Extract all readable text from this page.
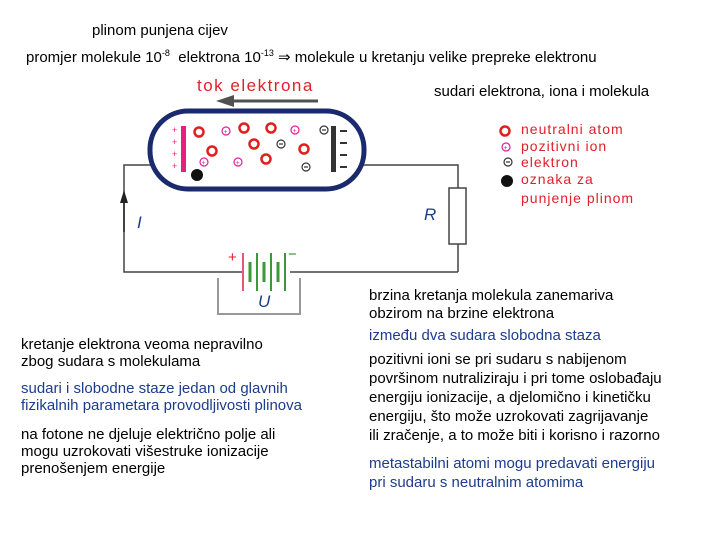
plinom punjena cijev
promjer molekule $10^{-8}$ elektrona $10^{-13}$ ⇒ molekule u kretanju velike prepreke elektronu
tok elektrona	sudari elektrona, iona i molekula
R
I
+	−
U
+
+
+
+
+	+
+	+
+
neutralni atom
pozitivni ion
elektron
oznaka za
punjenje plinom
kretanje elektrona veoma nepravilno
zbog sudara s molekulama
sudari i slobodne staze jedan od glavnih
fizikalnih parametara provodljivosti plinova
na fotone ne djeluje električno polje ali
mogu uzrokovati višestruke ionizacije
prenošenjem energije
brzina kretanja molekula zanemariva
obzirom na brzine elektrona
između dva sudara slobodna staza
pozitivni ioni se pri sudaru s nabijenom
površinom nutraliziraju i pri tome oslobađaju
energiju ionizacije, a djelomično i kinetičku
energiju, što može uzrokovati zagrijavanje
ili zračenje, a to može biti i korisno i razorno
metastabilni atomi mogu predavati energiju
pri sudaru s neutralnim atomima
